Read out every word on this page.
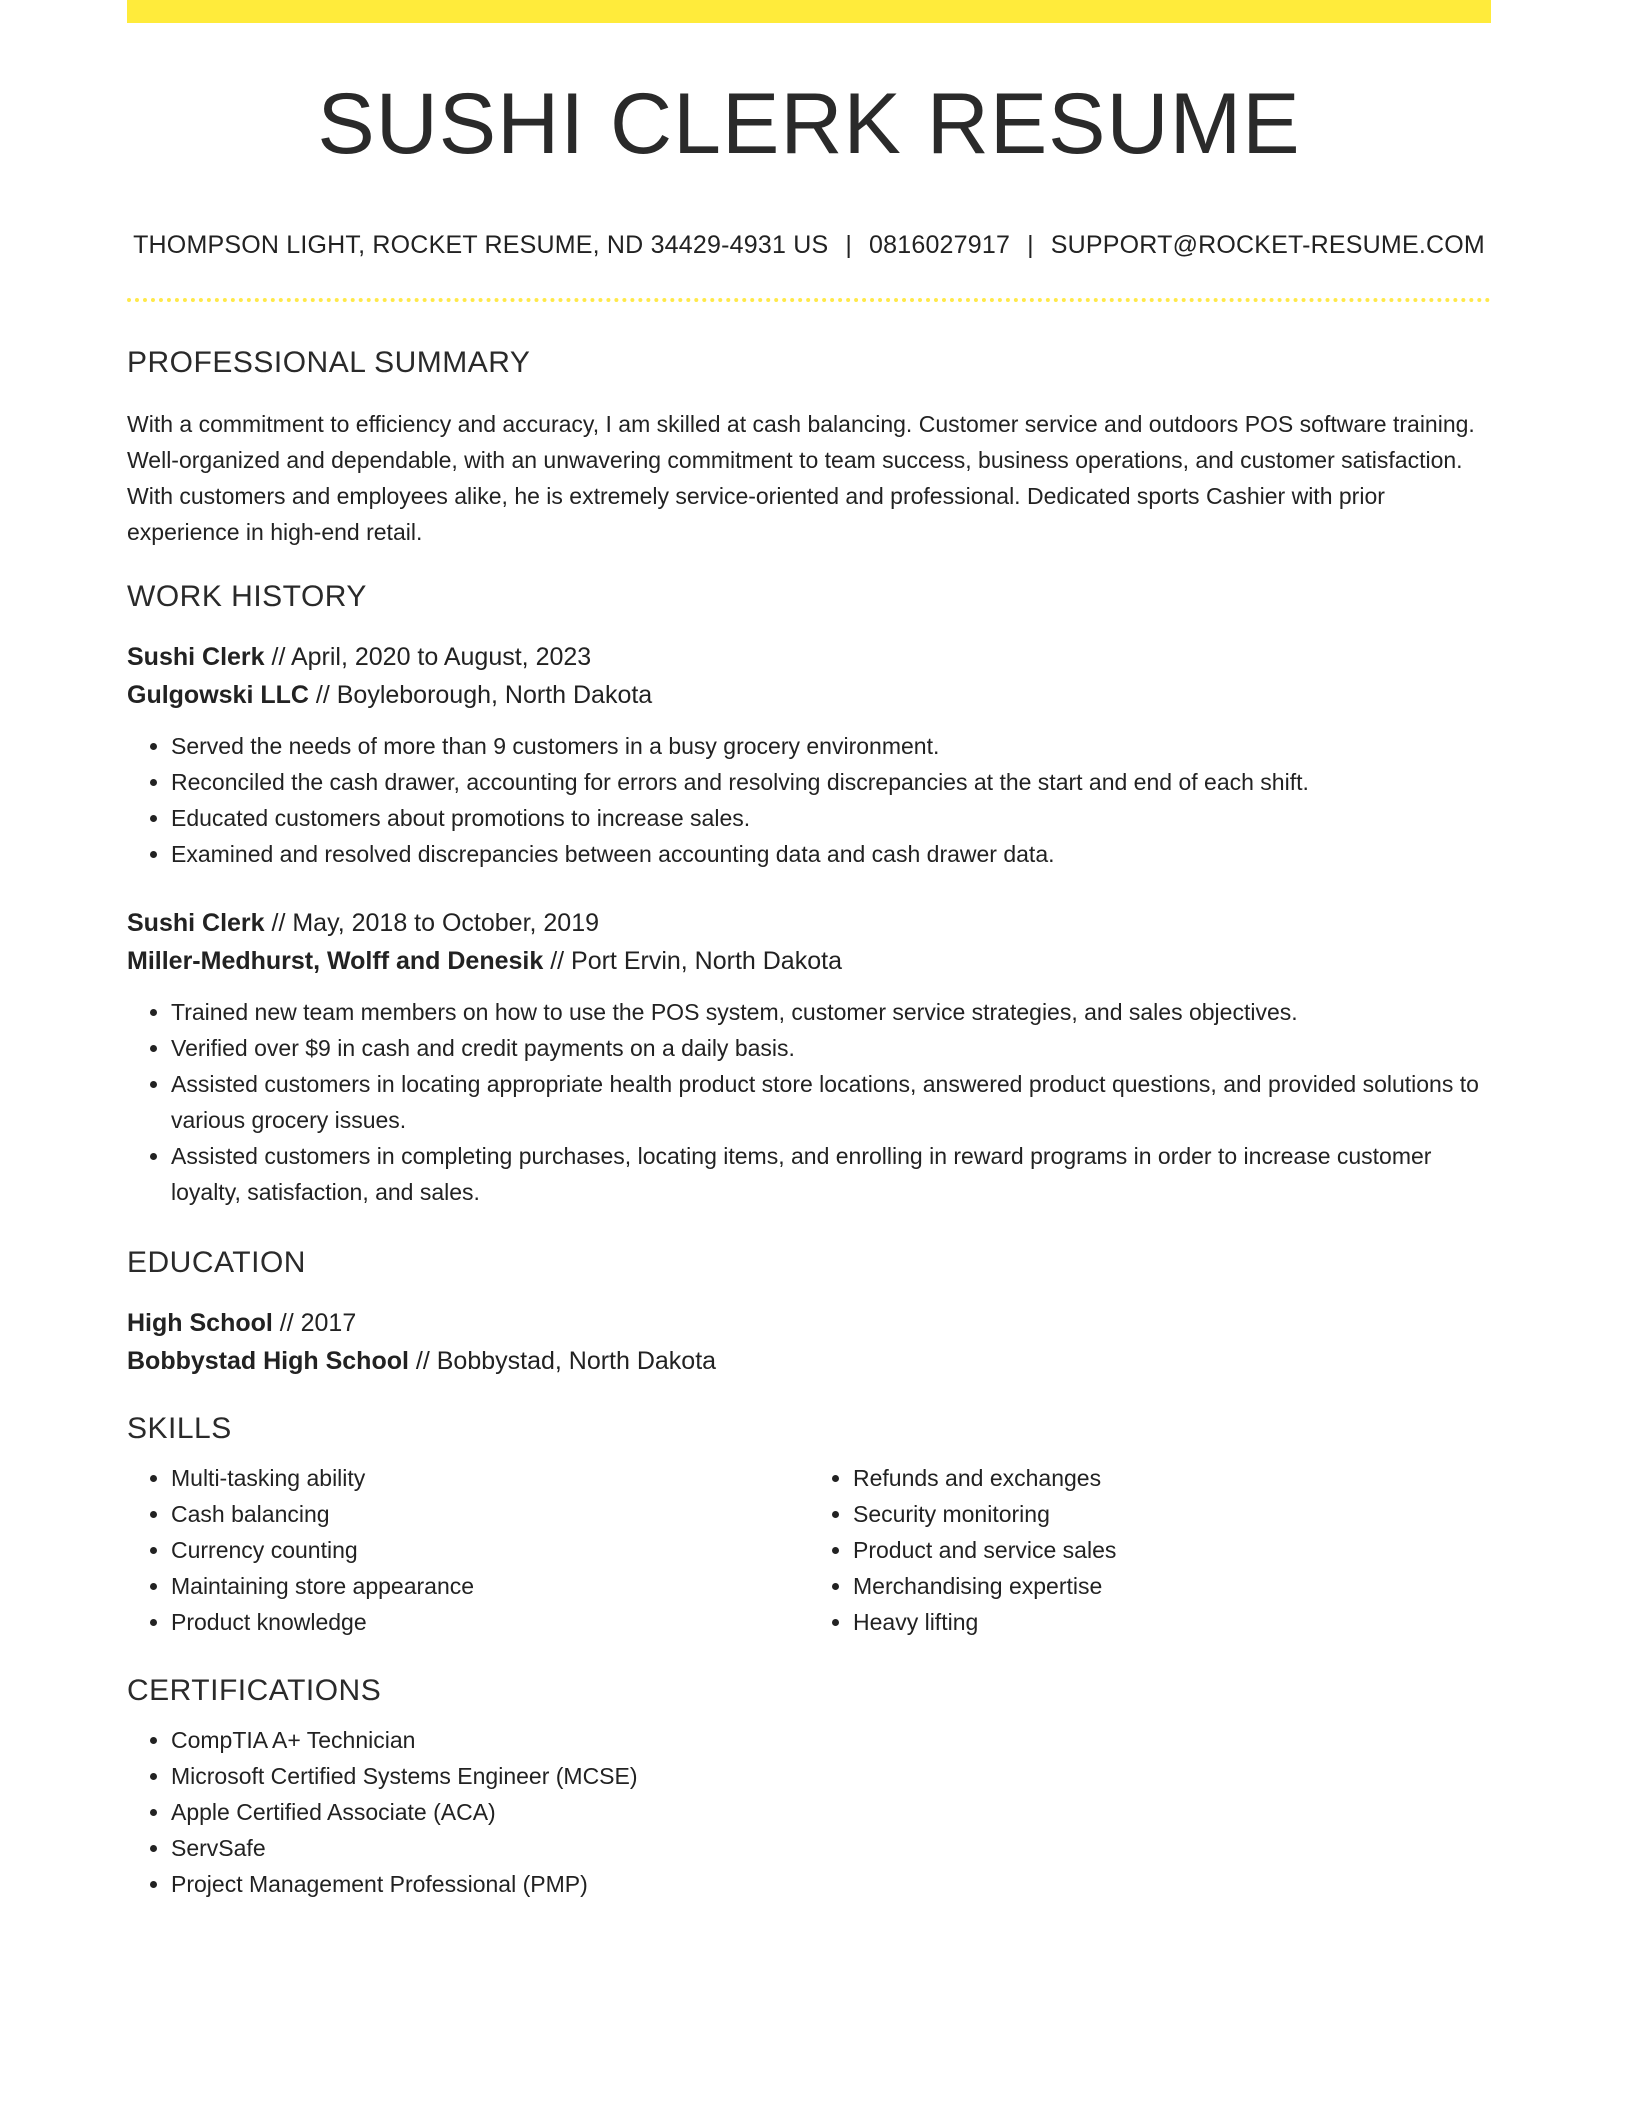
SUSHI CLERK RESUME
THOMPSON LIGHT, ROCKET RESUME, ND 34429-4931 US | 0816027917 | SUPPORT@ROCKET-RESUME.COM
PROFESSIONAL SUMMARY

With a commitment to efficiency and accuracy, I am skilled at cash balancing. Customer service and outdoors POS software training. Well-organized and dependable, with an unwavering commitment to team success, business operations, and customer satisfaction. With customers and employees alike, he is extremely service-oriented and professional. Dedicated sports Cashier with prior experience in high-end retail.

WORK HISTORY
Sushi Clerk // April, 2020 to August, 2023
Gulgowski LLC // Boyleborough, North Dakota
• Served the needs of more than 9 customers in a busy grocery environment.
• Reconciled the cash drawer, accounting for errors and resolving discrepancies at the start and end of each shift.
• Educated customers about promotions to increase sales.
• Examined and resolved discrepancies between accounting data and cash drawer data.
Sushi Clerk // May, 2018 to October, 2019
Miller-Medhurst, Wolff and Denesik // Port Ervin, North Dakota
• Trained new team members on how to use the POS system, customer service strategies, and sales objectives.
• Verified over $9 in cash and credit payments on a daily basis.
• Assisted customers in locating appropriate health product store locations, answered product questions, and provided solutions to various grocery issues.
• Assisted customers in completing purchases, locating items, and enrolling in reward programs in order to increase customer loyalty, satisfaction, and sales.
EDUCATION
High School // 2017
Bobbystad High School // Bobbystad, North Dakota
SKILLS
• Multi-tasking ability
• Cash balancing
• Currency counting
• Maintaining store appearance
• Product knowledge
• Refunds and exchanges
• Security monitoring
• Product and service sales
• Merchandising expertise
• Heavy lifting
CERTIFICATIONS
• CompTIA A+ Technician
• Microsoft Certified Systems Engineer (MCSE)
• Apple Certified Associate (ACA)
• ServSafe
• Project Management Professional (PMP)
